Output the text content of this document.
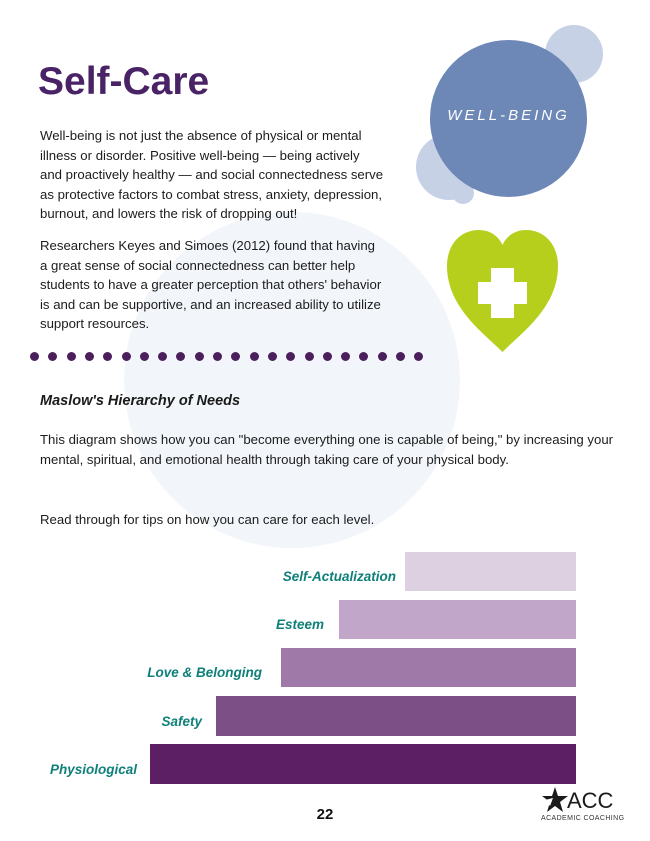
WELL-BEING
Self-Care

Well-being is not just the absence of physical or mental illness or disorder. Positive well-being — being actively and proactively healthy — and social connectedness serve as protective factors to combat stress, anxiety, depression, burnout, and lowers the risk of dropping out!

Researchers Keyes and Simoes (2012) found that having a great sense of social connectedness can better help students to have a greater perception that others' behavior is and can be supportive, and an increased ability to utilize support resources.

Maslow's Hierarchy of Needs

This diagram shows how you can "become everything one is capable of being," by increasing your mental, spiritual, and emotional health through taking care of your physical body.

Read through for tips on how you can care for each level.

Self-Actualization
Esteem
Love & Belonging
Safety
Physiological
22
ACC
ACADEMIC COACHING
